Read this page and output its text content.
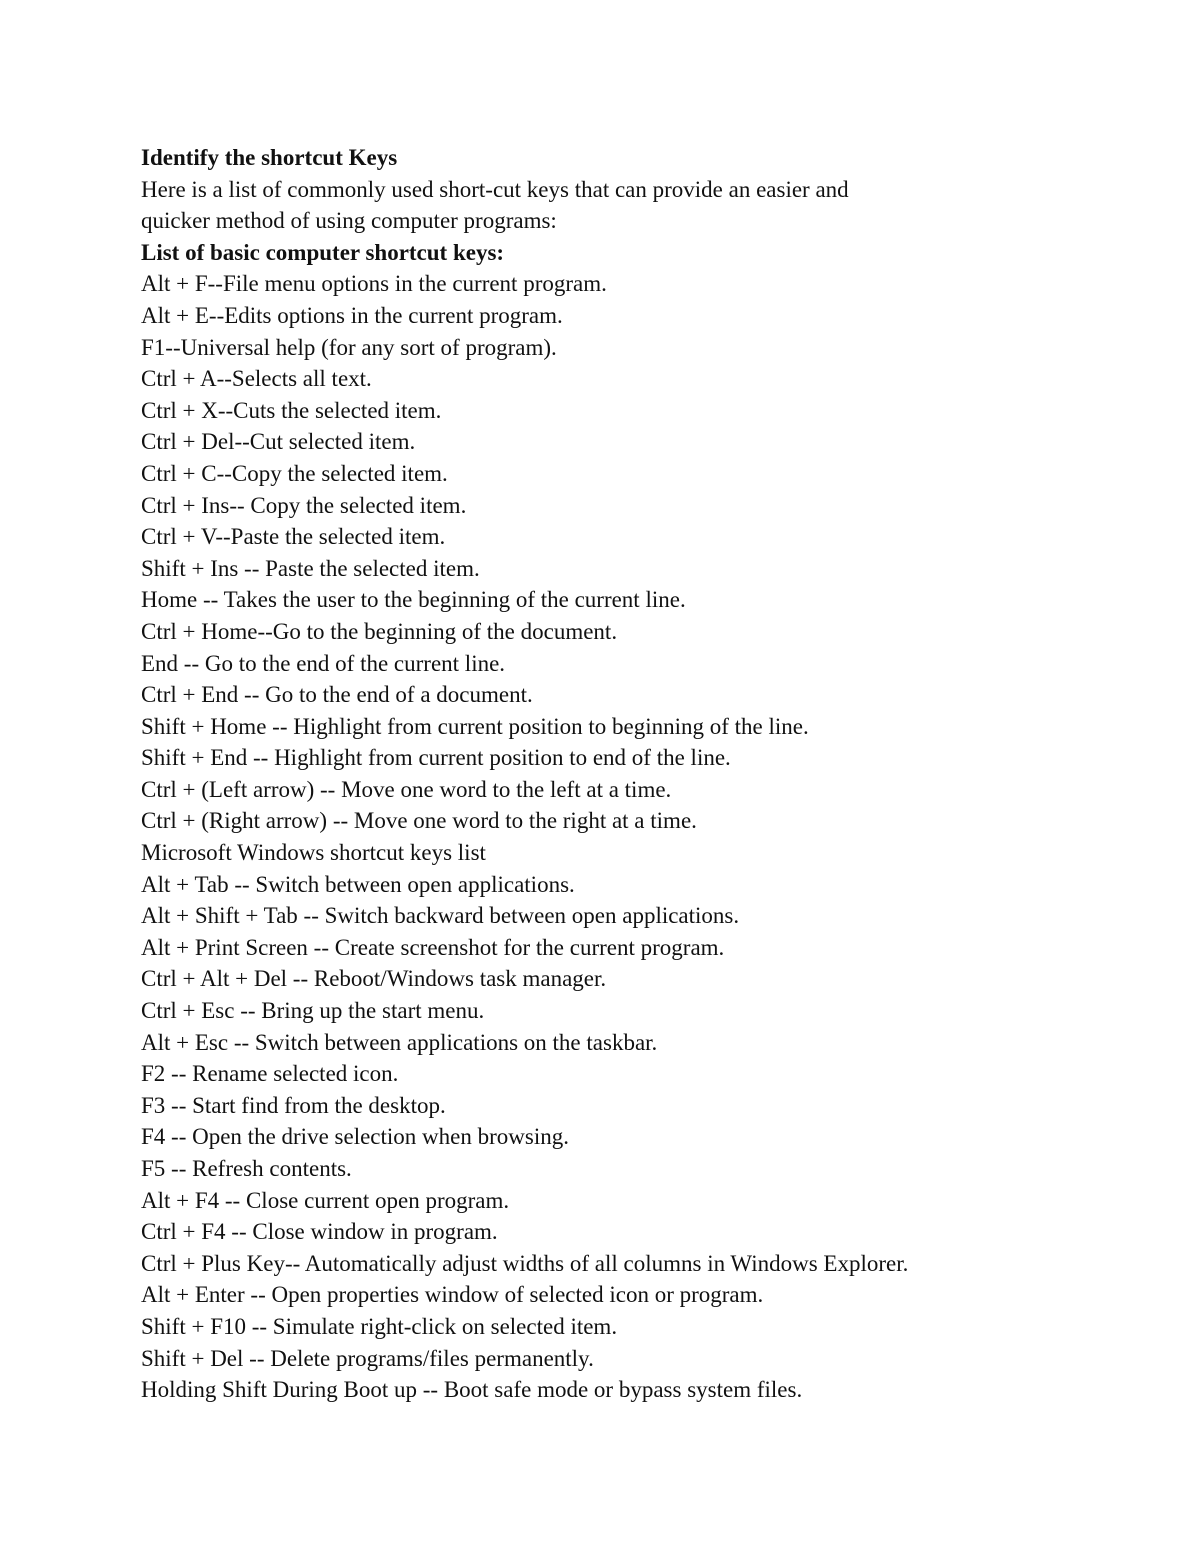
Identify the shortcut Keys
Here is a list of commonly used short-cut keys that can provide an easier and
quicker method of using computer programs:
List of basic computer shortcut keys:
Alt + F--File menu options in the current program.
Alt + E--Edits options in the current program.
F1--Universal help (for any sort of program).
Ctrl + A--Selects all text.
Ctrl + X--Cuts the selected item.
Ctrl + Del--Cut selected item.
Ctrl + C--Copy the selected item.
Ctrl + Ins-- Copy the selected item.
Ctrl + V--Paste the selected item.
Shift + Ins -- Paste the selected item.
Home -- Takes the user to the beginning of the current line.
Ctrl + Home--Go to the beginning of the document.
End -- Go to the end of the current line.
Ctrl + End -- Go to the end of a document.
Shift + Home -- Highlight from current position to beginning of the line.
Shift + End -- Highlight from current position to end of the line.
Ctrl + (Left arrow) -- Move one word to the left at a time.
Ctrl + (Right arrow) -- Move one word to the right at a time.
Microsoft Windows shortcut keys list
Alt + Tab -- Switch between open applications.
Alt + Shift + Tab -- Switch backward between open applications.
Alt + Print Screen -- Create screenshot for the current program.
Ctrl + Alt + Del -- Reboot/Windows task manager.
Ctrl + Esc -- Bring up the start menu.
Alt + Esc -- Switch between applications on the taskbar.
F2 -- Rename selected icon.
F3 -- Start find from the desktop.
F4 -- Open the drive selection when browsing.
F5 -- Refresh contents.
Alt + F4 -- Close current open program.
Ctrl + F4 -- Close window in program.
Ctrl + Plus Key-- Automatically adjust widths of all columns in Windows Explorer.
Alt + Enter -- Open properties window of selected icon or program.
Shift + F10 -- Simulate right-click on selected item.
Shift + Del -- Delete programs/files permanently.
Holding Shift During Boot up -- Boot safe mode or bypass system files.
